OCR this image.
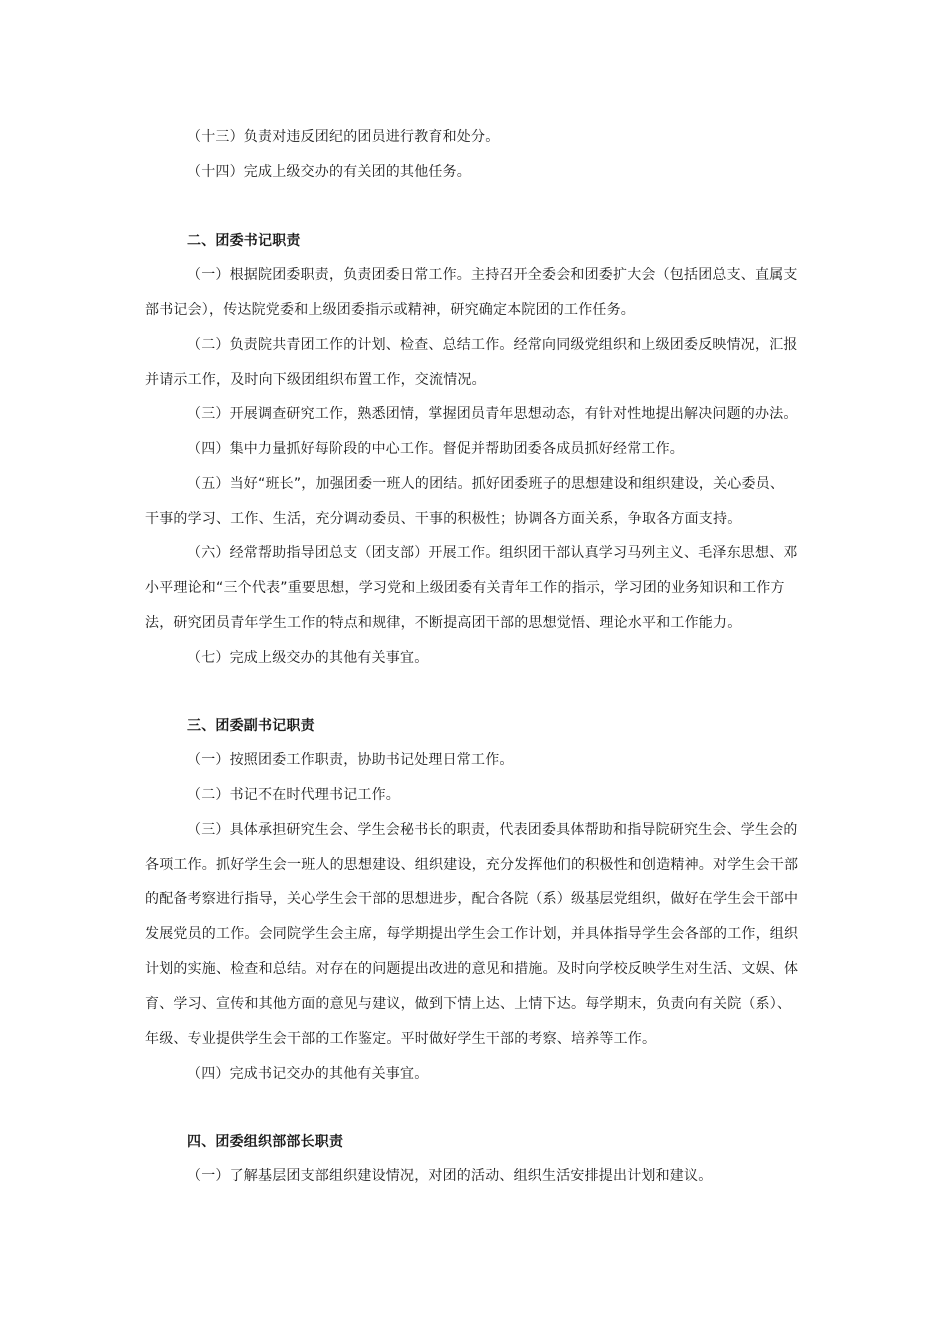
（十三）负责对违反团纪的团员进行教育和处分。
（十四）完成上级交办的有关团的其他任务。
二、团委书记职责
（一）根据院团委职责，负责团委日常工作。主持召开全委会和团委扩大会（包括团总支、直属支
部书记会），传达院党委和上级团委指示或精神，研究确定本院团的工作任务。
（二）负责院共青团工作的计划、检查、总结工作。经常向同级党组织和上级团委反映情况，汇报
并请示工作，及时向下级团组织布置工作，交流情况。
（三）开展调查研究工作，熟悉团情，掌握团员青年思想动态，有针对性地提出解决问题的办法。
（四）集中力量抓好每阶段的中心工作。督促并帮助团委各成员抓好经常工作。
（五）当好“班长”，加强团委一班人的团结。抓好团委班子的思想建设和组织建设，关心委员、
干事的学习、工作、生活，充分调动委员、干事的积极性；协调各方面关系，争取各方面支持。
（六）经常帮助指导团总支（团支部）开展工作。组织团干部认真学习马列主义、毛泽东思想、邓
小平理论和“三个代表”重要思想，学习党和上级团委有关青年工作的指示，学习团的业务知识和工作方
法，研究团员青年学生工作的特点和规律，不断提高团干部的思想觉悟、理论水平和工作能力。
（七）完成上级交办的其他有关事宜。
三、团委副书记职责
（一）按照团委工作职责，协助书记处理日常工作。
（二）书记不在时代理书记工作。
（三）具体承担研究生会、学生会秘书长的职责，代表团委具体帮助和指导院研究生会、学生会的
各项工作。抓好学生会一班人的思想建设、组织建设，充分发挥他们的积极性和创造精神。对学生会干部
的配备考察进行指导，关心学生会干部的思想进步，配合各院（系）级基层党组织，做好在学生会干部中
发展党员的工作。会同院学生会主席，每学期提出学生会工作计划，并具体指导学生会各部的工作，组织
计划的实施、检查和总结。对存在的问题提出改进的意见和措施。及时向学校反映学生对生活、文娱、体
育、学习、宣传和其他方面的意见与建议，做到下情上达、上情下达。每学期末，负责向有关院（系）、
年级、专业提供学生会干部的工作鉴定。平时做好学生干部的考察、培养等工作。
（四）完成书记交办的其他有关事宜。
四、团委组织部部长职责
（一）了解基层团支部组织建设情况，对团的活动、组织生活安排提出计划和建议。
